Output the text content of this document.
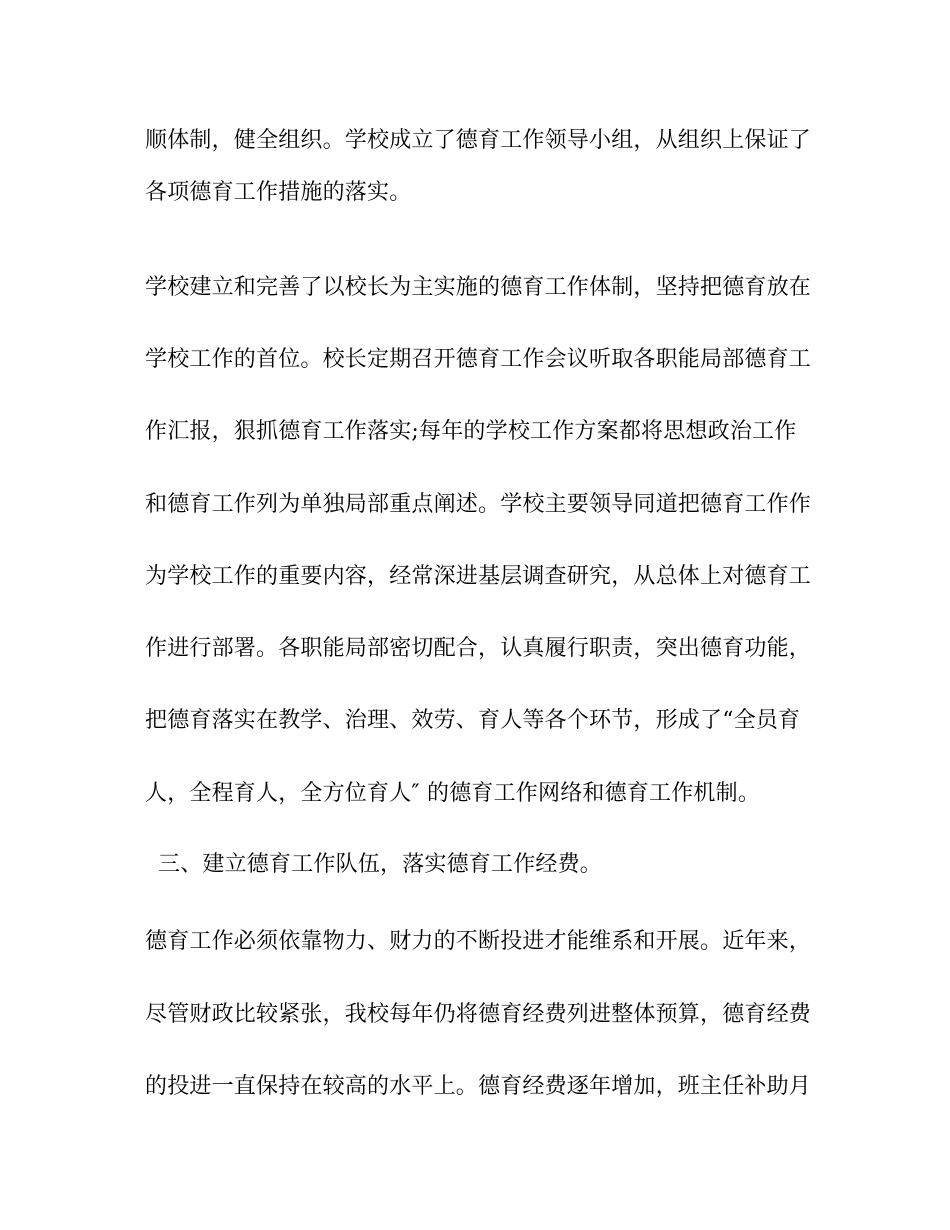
顺体制，健全组织。学校成立了德育工作领导小组，从组织上保证了
各项德育工作措施的落实。
学校建立和完善了以校长为主实施的德育工作体制，坚持把德育放在
学校工作的首位。校长定期召开德育工作会议听取各职能局部德育工
作汇报，狠抓德育工作落实;每年的学校工作方案都将思想政治工作
和德育工作列为单独局部重点阐述。学校主要领导同道把德育工作作
为学校工作的重要内容，经常深进基层调查研究，从总体上对德育工
作进行部署。各职能局部密切配合，认真履行职责，突出德育功能，
把德育落实在教学、治理、效劳、育人等各个环节，形成了“全员育
人，全程育人，全方位育人″ 的德育工作网络和德育工作机制。
三、建立德育工作队伍，落实德育工作经费。
德育工作必须依靠物力、财力的不断投进才能维系和开展。近年来，
尽管财政比较紧张，我校每年仍将德育经费列进整体预算，德育经费
的投进一直保持在较高的水平上。德育经费逐年增加，班主任补助月
